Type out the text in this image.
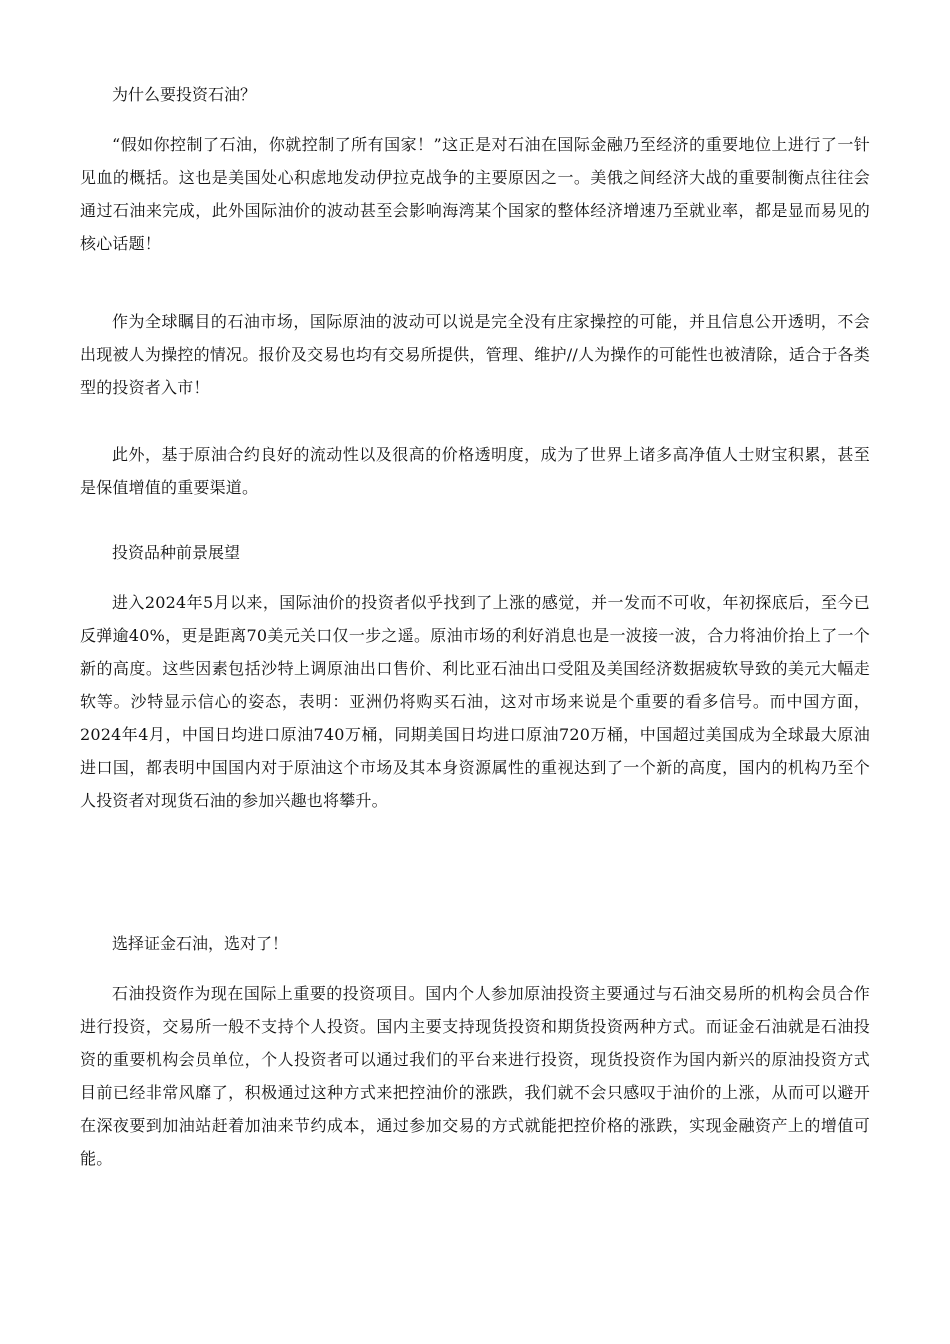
为什么要投资石油？
“假如你控制了石油，你就控制了所有国家！”这正是对石油在国际金融乃至经济的重要地位上进行了一针见血的概括。这也是美国处心积虑地发动伊拉克战争的主要原因之一。美俄之间经济大战的重要制衡点往往会通过石油来完成，此外国际油价的波动甚至会影响海湾某个国家的整体经济增速乃至就业率，都是显而易见的核心话题！
作为全球瞩目的石油市场，国际原油的波动可以说是完全没有庄家操控的可能，并且信息公开透明，不会出现被人为操控的情况。报价及交易也均有交易所提供，管理、维护//人为操作的可能性也被清除，适合于各类型的投资者入市！
此外，基于原油合约良好的流动性以及很高的价格透明度，成为了世界上诸多高净值人士财宝积累，甚至是保值增值的重要渠道。
投资品种前景展望
进入2024年5月以来，国际油价的投资者似乎找到了上涨的感觉，并一发而不可收，年初探底后，至今已反弹逾40%，更是距离70美元关口仅一步之遥。原油市场的利好消息也是一波接一波，合力将油价抬上了一个新的高度。这些因素包括沙特上调原油出口售价、利比亚石油出口受阻及美国经济数据疲软导致的美元大幅走软等。沙特显示信心的姿态，表明：亚洲仍将购买石油，这对市场来说是个重要的看多信号。而中国方面，2024年4月，中国日均进口原油740万桶，同期美国日均进口原油720万桶，中国超过美国成为全球最大原油进口国，都表明中国国内对于原油这个市场及其本身资源属性的重视达到了一个新的高度，国内的机构乃至个人投资者对现货石油的参加兴趣也将攀升。
选择证金石油，选对了！
石油投资作为现在国际上重要的投资项目。国内个人参加原油投资主要通过与石油交易所的机构会员合作进行投资，交易所一般不支持个人投资。国内主要支持现货投资和期货投资两种方式。而证金石油就是石油投资的重要机构会员单位，个人投资者可以通过我们的平台来进行投资，现货投资作为国内新兴的原油投资方式目前已经非常风靡了，积极通过这种方式来把控油价的涨跌，我们就不会只感叹于油价的上涨，从而可以避开在深夜要到加油站赶着加油来节约成本，通过参加交易的方式就能把控价格的涨跌，实现金融资产上的增值可能。
